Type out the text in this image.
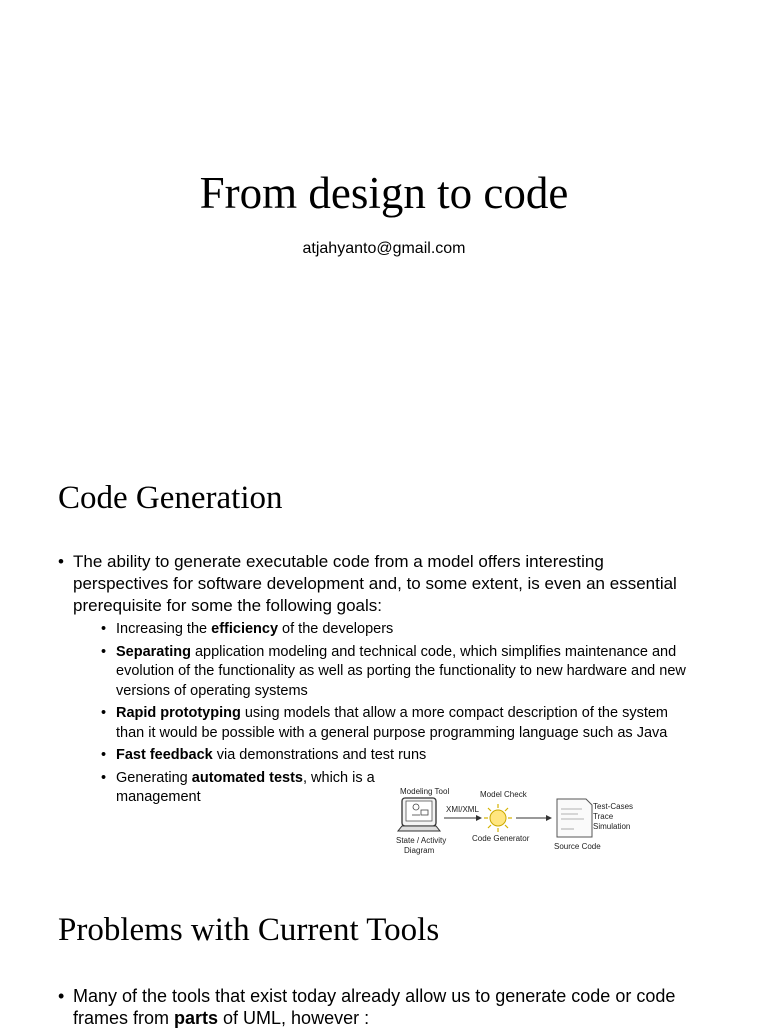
From design to code
atjahyanto@gmail.com
Code Generation
• The ability to generate executable code from a model offers interesting perspectives for software development and, to some extent, is even an essential prerequisite for some the following goals:
• Increasing the efficiency of the developers
• Separating application modeling and technical code, which simplifies maintenance and evolution of the functionality as well as porting the functionality to new hardware and new versions of operating systems
• Rapid prototyping using models that allow a more compact description of the system than it would be possible with a general purpose programming language such as Java
• Fast feedback via demonstrations and test runs
• Generating automated tests, which is a
management	Modeling Tool
State / Activity
Diagram
XMI/XML
Model Check
Code Generator
Test-Cases
Trace
Simulation
Source Code
Problems with Current Tools
• Many of the tools that exist today already allow us to generate code or code frames from parts of UML, however :
